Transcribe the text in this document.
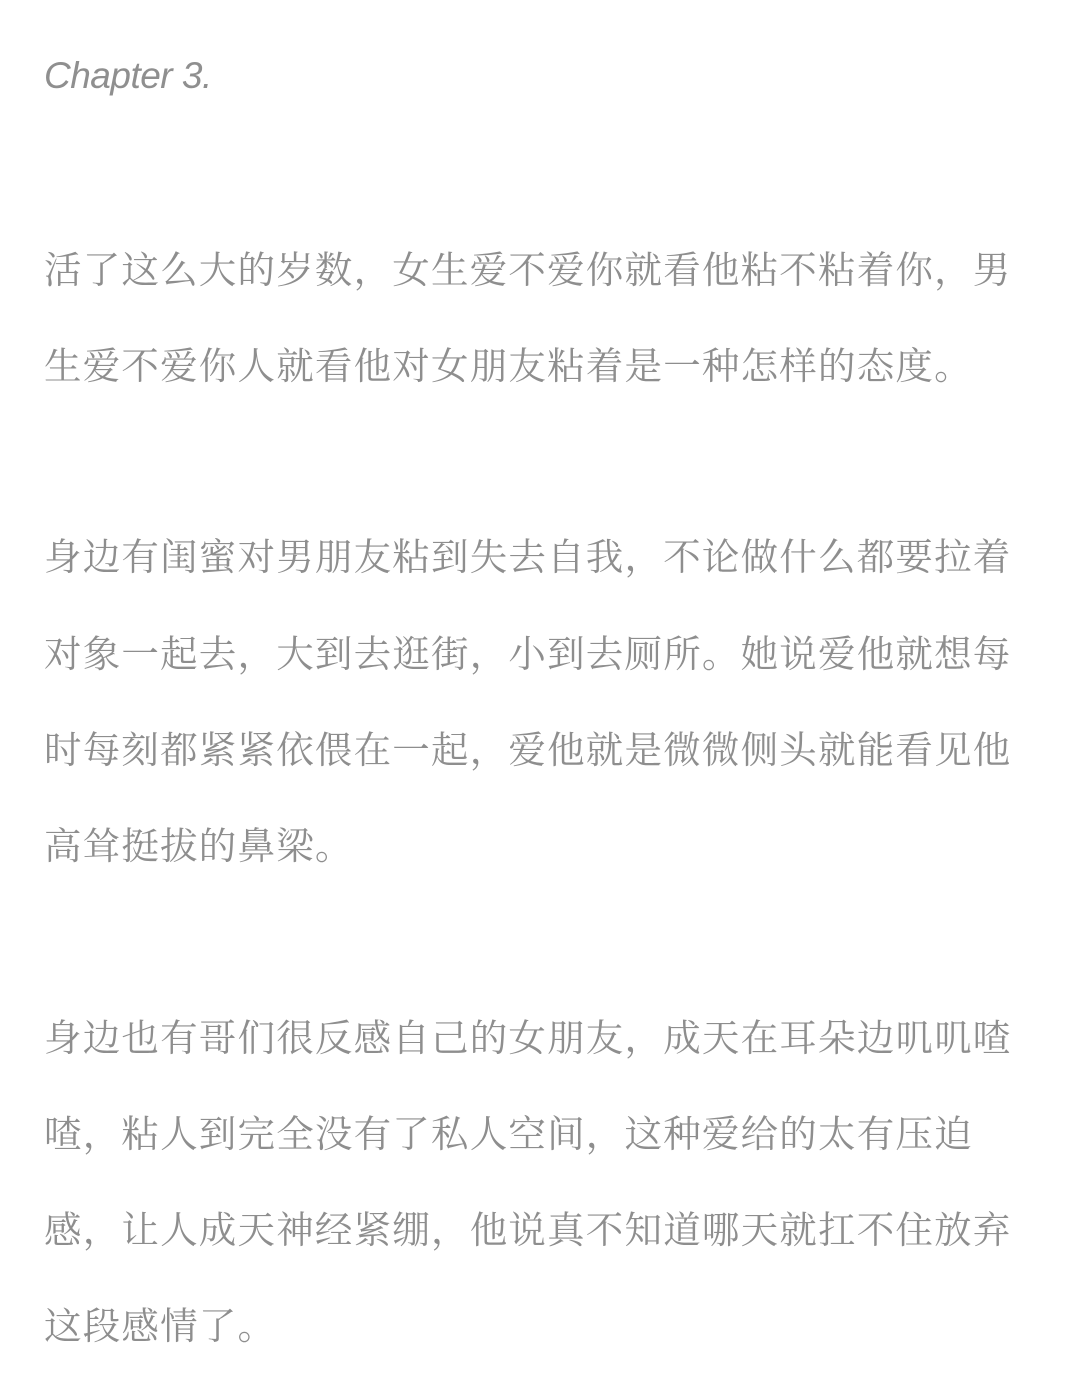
Chapter 3.

活了这么大的岁数，女生爱不爱你就看他粘不粘着你，男

生爱不爱你人就看他对女朋友粘着是一种怎样的态度。

身边有闺蜜对男朋友粘到失去自我，不论做什么都要拉着

对象一起去，大到去逛街，小到去厕所。她说爱他就想每

时每刻都紧紧依偎在一起，爱他就是微微侧头就能看见他

高耸挺拔的鼻梁。

身边也有哥们很反感自己的女朋友，成天在耳朵边叽叽喳

喳，粘人到完全没有了私人空间，这种爱给的太有压迫

感，让人成天神经紧绷，他说真不知道哪天就扛不住放弃

这段感情了。
